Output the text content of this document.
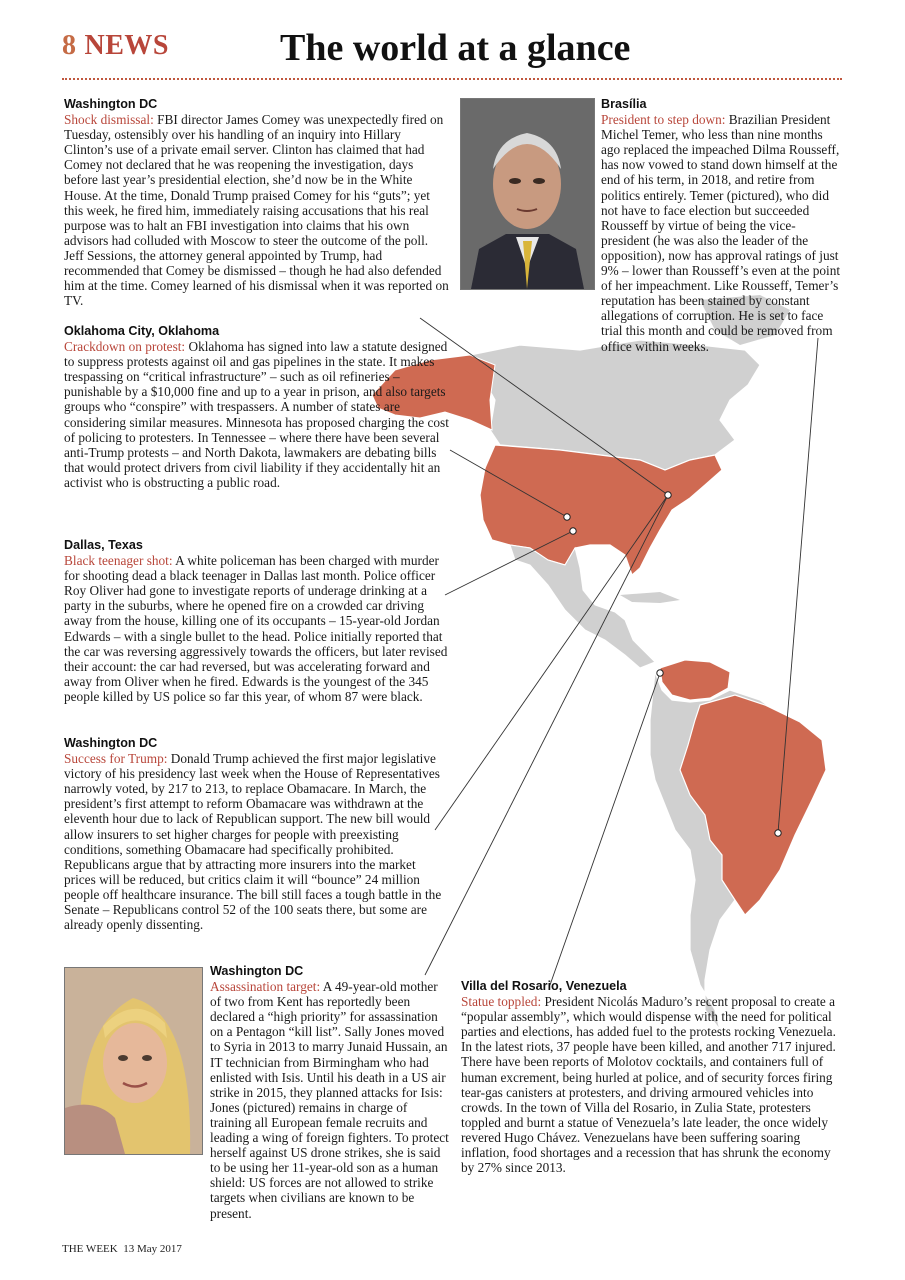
8 NEWS	The world at a glance
Washington DC
Shock dismissal: FBI director James Comey was unexpectedly fired on Tuesday, ostensibly over his handling of an inquiry into Hillary Clinton’s use of a private email server. Clinton has claimed that had Comey not declared that he was reopening the investigation, days before last year’s presidential election, she’d now be in the White House. At the time, Donald Trump praised Comey for his “guts”; yet this week, he fired him, immediately raising accusations that his real purpose was to halt an FBI investigation into claims that his own advisors had colluded with Moscow to steer the outcome of the poll. Jeff Sessions, the attorney general appointed by Trump, had recommended that Comey be dismissed – though he had also defended him at the time. Comey learned of his dismissal when it was reported on TV.
Oklahoma City, Oklahoma
Crackdown on protest: Oklahoma has signed into law a statute designed to suppress protests against oil and gas pipelines in the state. It makes trespassing on “critical infrastructure” – such as oil refineries – punishable by a $10,000 fine and up to a year in prison, and also targets groups who “conspire” with trespassers. A number of states are considering similar measures. Minnesota has proposed charging the cost of policing to protesters. In Tennessee – where there have been several anti-Trump protests – and North Dakota, lawmakers are debating bills that would protect drivers from civil liability if they accidentally hit an activist who is obstructing a public road.
Dallas, Texas
Black teenager shot: A white policeman has been charged with murder for shooting dead a black teenager in Dallas last month. Police officer Roy Oliver had gone to investigate reports of underage drinking at a party in the suburbs, where he opened fire on a crowded car driving away from the house, killing one of its occupants – 15-year-old Jordan Edwards – with a single bullet to the head. Police initially reported that the car was reversing aggressively towards the officers, but later revised their account: the car had reversed, but was accelerating forward and away from Oliver when he fired. Edwards is the youngest of the 345 people killed by US police so far this year, of whom 87 were black.
Washington DC
Success for Trump: Donald Trump achieved the first major legislative victory of his presidency last week when the House of Representatives narrowly voted, by 217 to 213, to replace Obamacare. In March, the president’s first attempt to reform Obamacare was withdrawn at the eleventh hour due to lack of Republican support. The new bill would allow insurers to set higher charges for people with preexisting conditions, something Obamacare had specifically prohibited. Republicans argue that by attracting more insurers into the market prices will be reduced, but critics claim it will “bounce” 24 million people off healthcare insurance. The bill still faces a tough battle in the Senate – Republicans control 52 of the 100 seats there, but some are already openly dissenting.
Washington DC
Assassination target: A 49-year-old mother of two from Kent has reportedly been declared a “high priority” for assassination on a Pentagon “kill list”. Sally Jones moved to Syria in 2013 to marry Junaid Hussain, an IT technician from Birmingham who had enlisted with Isis. Until his death in a US air strike in 2015, they planned attacks for Isis: Jones (pictured) remains in charge of training all European female recruits and leading a wing of foreign fighters. To protect herself against US drone strikes, she is said to be using her 11-year-old son as a human shield: US forces are not allowed to strike targets when civilians are known to be present.
Brasília
President to step down: Brazilian President Michel Temer, who less than nine months ago replaced the impeached Dilma Rousseff, has now vowed to stand down himself at the end of his term, in 2018, and retire from politics entirely. Temer (pictured), who did not have to face election but succeeded Rousseff by virtue of being the vice-president (he was also the leader of the opposition), now has approval ratings of just 9% – lower than Rousseff’s even at the point of her impeachment. Like Rousseff, Temer’s reputation has been stained by constant allegations of corruption. He is set to face trial this month and could be removed from office within weeks.
Villa del Rosario, Venezuela
Statue toppled: President Nicolás Maduro’s recent proposal to create a “popular assembly”, which would dispense with the need for political parties and elections, has added fuel to the protests rocking Venezuela. In the latest riots, 37 people have been killed, and another 717 injured. There have been reports of Molotov cocktails, and containers full of human excrement, being hurled at police, and of security forces firing tear-gas canisters at protesters, and driving armoured vehicles into crowds. In the town of Villa del Rosario, in Zulia State, protesters toppled and burnt a statue of Venezuela’s late leader, the once widely revered Hugo Chávez. Venezuelans have been suffering soaring inflation, food shortages and a recession that has shrunk the economy by 27% since 2013.
THE WEEK 13 May 2017
